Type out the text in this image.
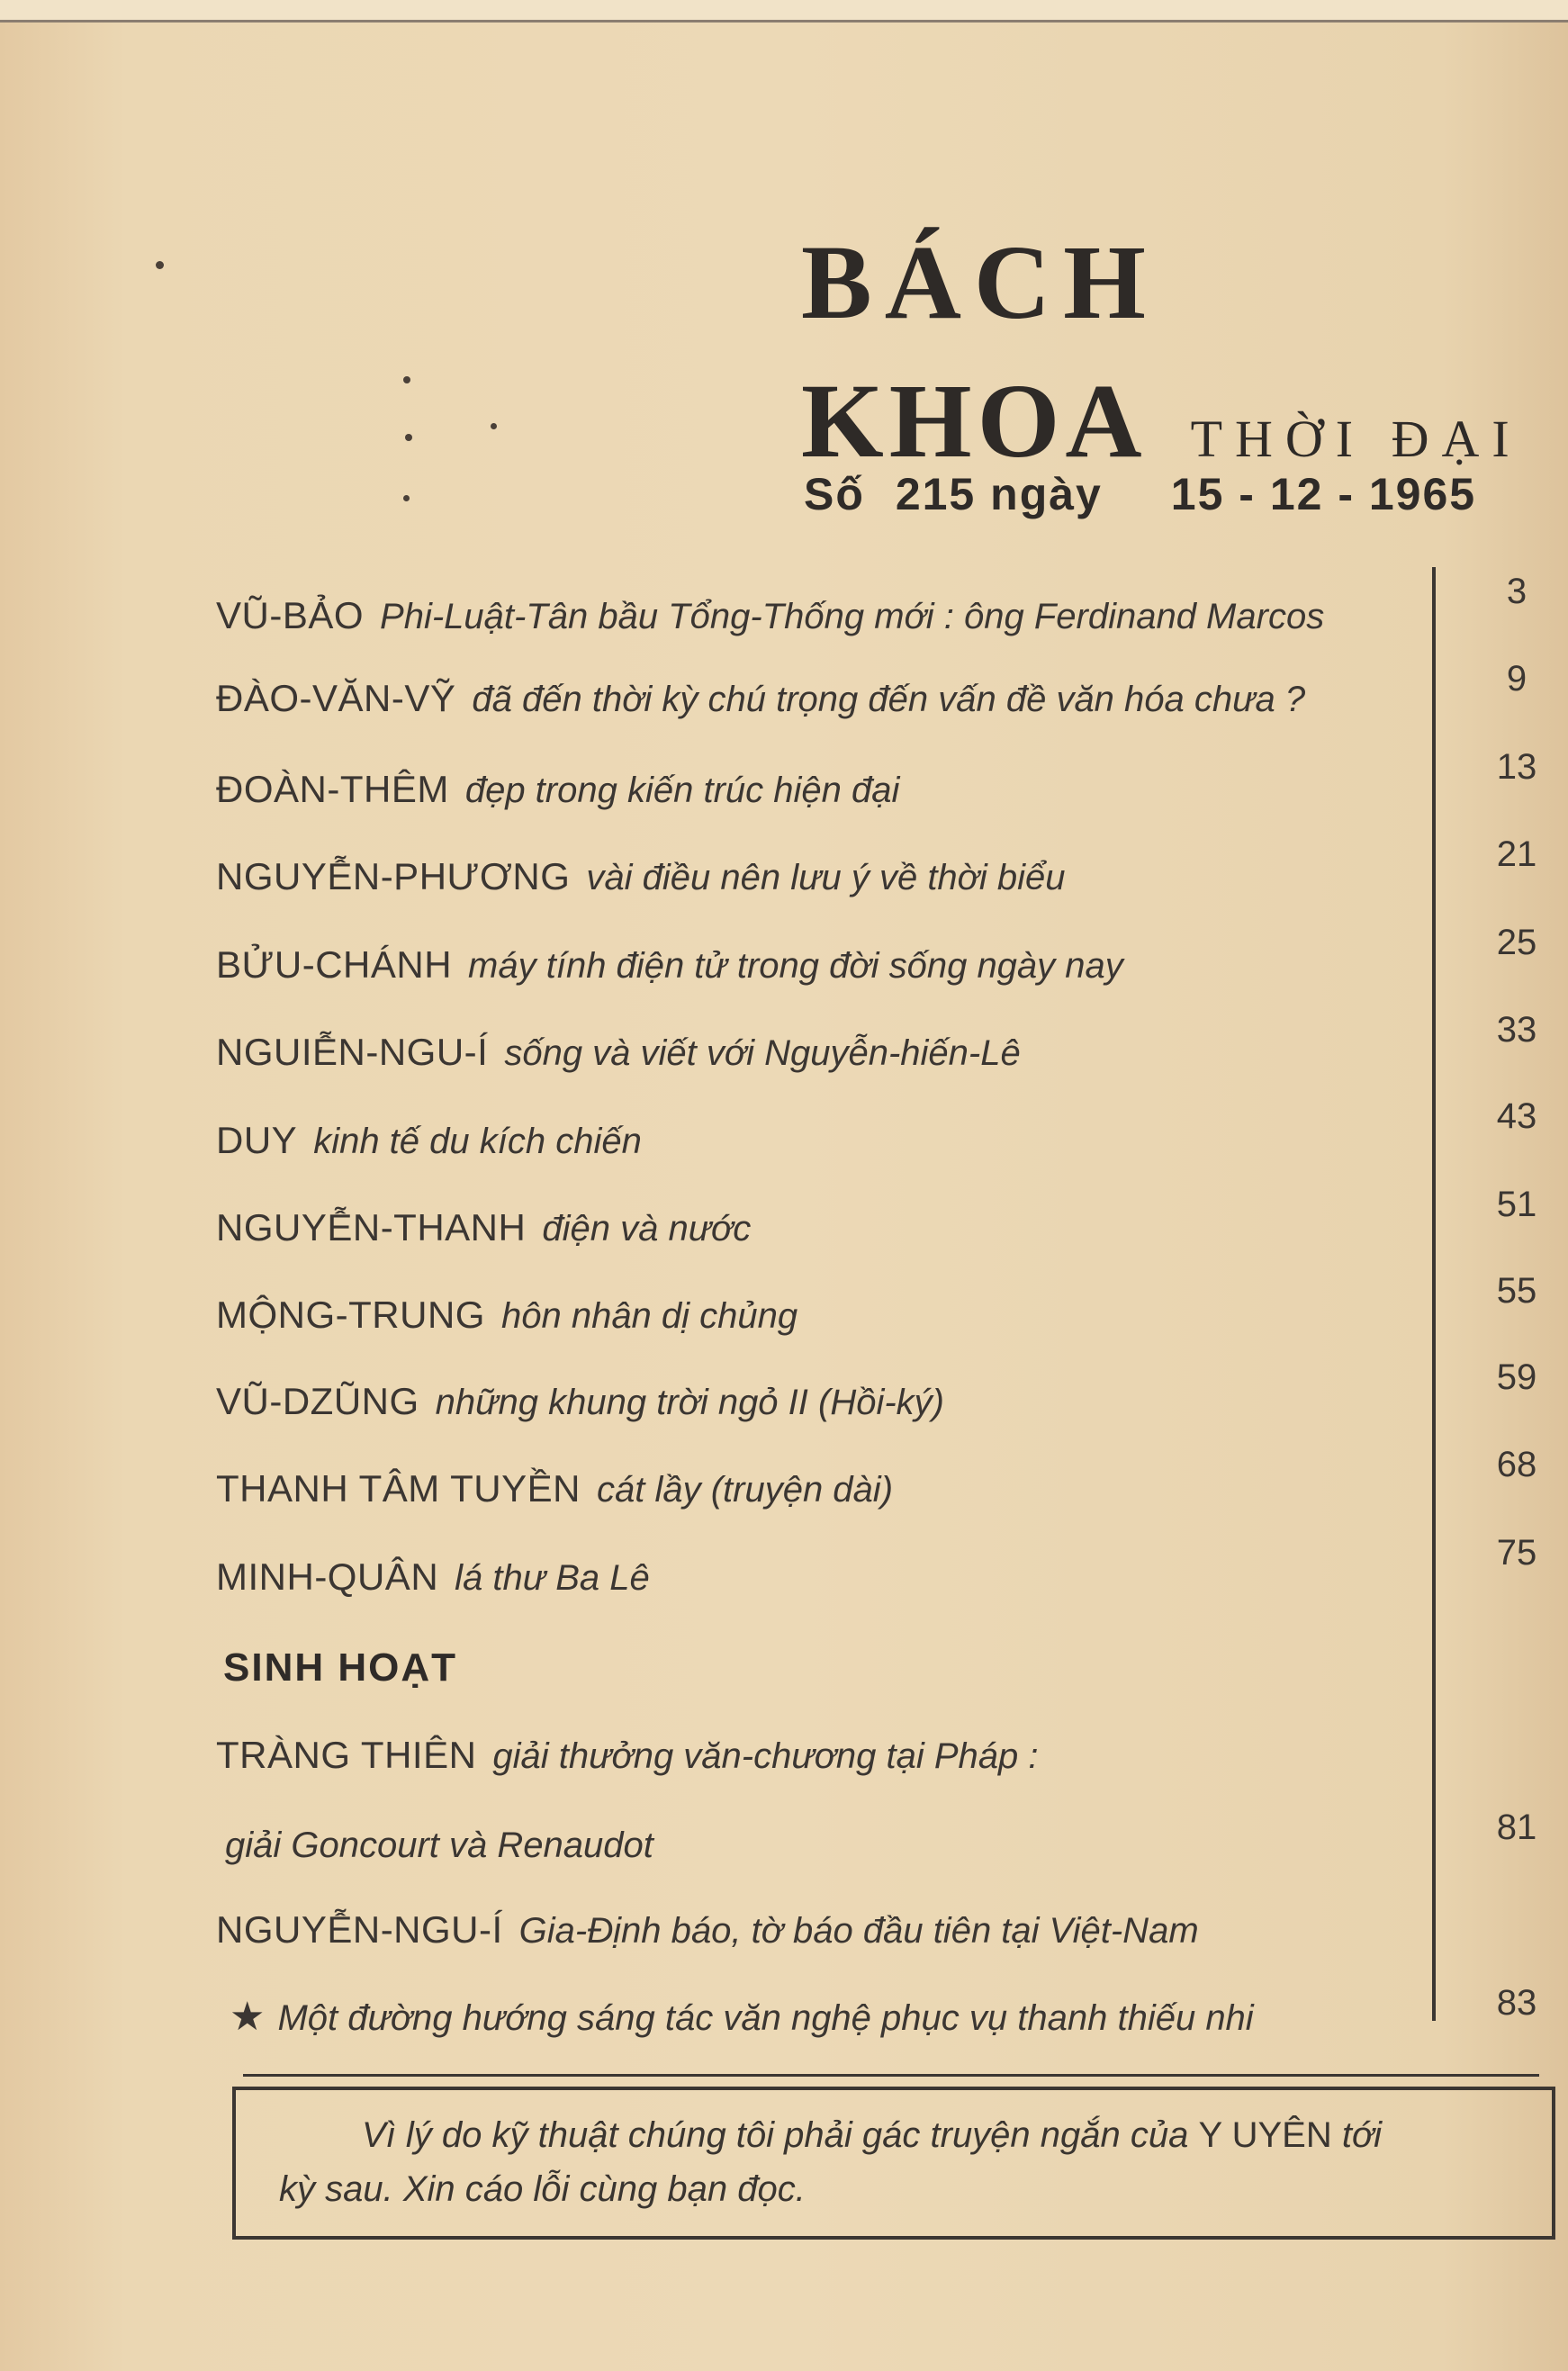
BÁCH
KHOA THỜI ĐẠI
Số 215 ngày 15 - 12 - 1965
VŨ-BẢO Phi-Luật-Tân bầu Tổng-Thống mới : ông Ferdinand Marcos
3
ĐÀO-VĂN-VỸ đã đến thời kỳ chú trọng đến vấn đề văn hóa chưa ?
9
ĐOÀN-THÊM đẹp trong kiến trúc hiện đại
13
NGUYỄN-PHƯƠNG vài điều nên lưu ý về thời biểu
21
BỬU-CHÁNH máy tính điện tử trong đời sống ngày nay
25
NGUIỄN-NGU-Í sống và viết với Nguyễn-hiến-Lê
33
DUY kinh tế du kích chiến
43
NGUYỄN-THANH điện và nước
51
MỘNG-TRUNG hôn nhân dị chủng
55
VŨ-DZŨNG những khung trời ngỏ II (Hồi-ký)
59
THANH TÂM TUYỀN cát lầy (truyện dài)
68
MINH-QUÂN lá thư Ba Lê
75
SINH HOẠT
TRÀNG THIÊN giải thưởng văn-chương tại Pháp :
giải Goncourt và Renaudot	81
NGUYỄN-NGU-Í Gia-Định báo, tờ báo đầu tiên tại Việt-Nam
★ Một đường hướng sáng tác văn nghệ phục vụ thanh thiếu nhi	83
Vì lý do kỹ thuật chúng tôi phải gác truyện ngắn của Y UYÊN tới
kỳ sau. Xin cáo lỗi cùng bạn đọc.
